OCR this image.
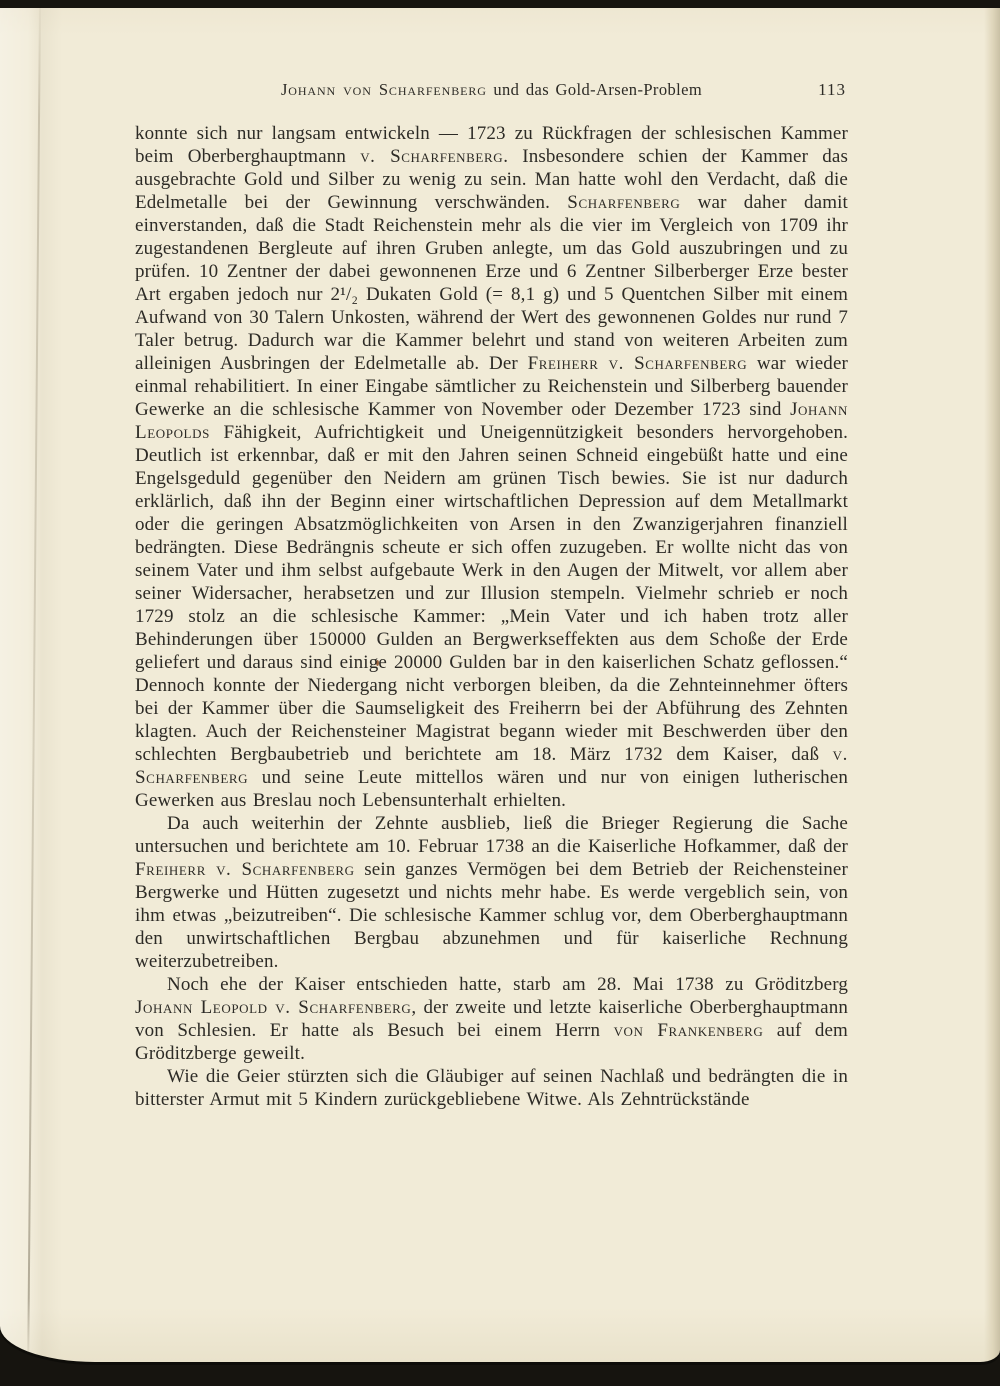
Johann von Scharfenberg und das Gold-Arsen-Problem	113

konnte sich nur langsam entwickeln — 1723 zu Rückfragen der schlesischen Kammer beim Oberberghauptmann v. Scharfenberg. Insbesondere schien der Kammer das ausgebrachte Gold und Silber zu wenig zu sein. Man hatte wohl den Verdacht, daß die Edelmetalle bei der Gewinnung verschwänden. Scharfenberg war daher damit einverstanden, daß die Stadt Reichenstein mehr als die vier im Vergleich von 1709 ihr zugestandenen Bergleute auf ihren Gruben anlegte, um das Gold auszubringen und zu prüfen. 10 Zentner der dabei gewonnenen Erze und 6 Zentner Silberberger Erze bester Art ergaben jedoch nur 2¹/₂ Dukaten Gold (= 8,1 g) und 5 Quentchen Silber mit einem Aufwand von 30 Talern Unkosten, während der Wert des gewonnenen Goldes nur rund 7 Taler betrug. Dadurch war die Kammer belehrt und stand von weiteren Arbeiten zum alleinigen Ausbringen der Edelmetalle ab. Der Freiherr v. Scharfenberg war wieder einmal rehabilitiert. In einer Eingabe sämtlicher zu Reichenstein und Silberberg bauender Gewerke an die schlesische Kammer von November oder Dezember 1723 sind Johann Leopolds Fähigkeit, Aufrichtigkeit und Uneigennützigkeit besonders hervorgehoben. Deutlich ist erkennbar, daß er mit den Jahren seinen Schneid eingebüßt hatte und eine Engelsgeduld gegenüber den Neidern am grünen Tisch bewies. Sie ist nur dadurch erklärlich, daß ihn der Beginn einer wirtschaftlichen Depression auf dem Metallmarkt oder die geringen Absatzmöglichkeiten von Arsen in den Zwanzigerjahren finanziell bedrängten. Diese Bedrängnis scheute er sich offen zuzugeben. Er wollte nicht das von seinem Vater und ihm selbst aufgebaute Werk in den Augen der Mitwelt, vor allem aber seiner Widersacher, herabsetzen und zur Illusion stempeln. Vielmehr schrieb er noch 1729 stolz an die schlesische Kammer: „Mein Vater und ich haben trotz aller Behinderungen über 150000 Gulden an Bergwerkseffekten aus dem Schoße der Erde geliefert und daraus sind einige 20000 Gulden bar in den kaiserlichen Schatz geflossen.“ Dennoch konnte der Niedergang nicht verborgen bleiben, da die Zehnteinnehmer öfters bei der Kammer über die Saumseligkeit des Freiherrn bei der Abführung des Zehnten klagten. Auch der Reichensteiner Magistrat begann wieder mit Beschwerden über den schlechten Bergbaubetrieb und berichtete am 18. März 1732 dem Kaiser, daß v. Scharfenberg und seine Leute mittellos wären und nur von einigen lutherischen Gewerken aus Breslau noch Lebensunterhalt erhielten.

Da auch weiterhin der Zehnte ausblieb, ließ die Brieger Regierung die Sache untersuchen und berichtete am 10. Februar 1738 an die Kaiserliche Hofkammer, daß der Freiherr v. Scharfenberg sein ganzes Vermögen bei dem Betrieb der Reichensteiner Bergwerke und Hütten zugesetzt und nichts mehr habe. Es werde vergeblich sein, von ihm etwas „beizutreiben“. Die schlesische Kammer schlug vor, dem Oberberghauptmann den unwirtschaftlichen Bergbau abzunehmen und für kaiserliche Rechnung weiterzubetreiben.

Noch ehe der Kaiser entschieden hatte, starb am 28. Mai 1738 zu Gröditzberg Johann Leopold v. Scharfenberg, der zweite und letzte kaiserliche Oberberghauptmann von Schlesien. Er hatte als Besuch bei einem Herrn von Frankenberg auf dem Gröditzberge geweilt.

Wie die Geier stürzten sich die Gläubiger auf seinen Nachlaß und bedrängten die in bitterster Armut mit 5 Kindern zurückgebliebene Witwe. Als Zehntrückstände
